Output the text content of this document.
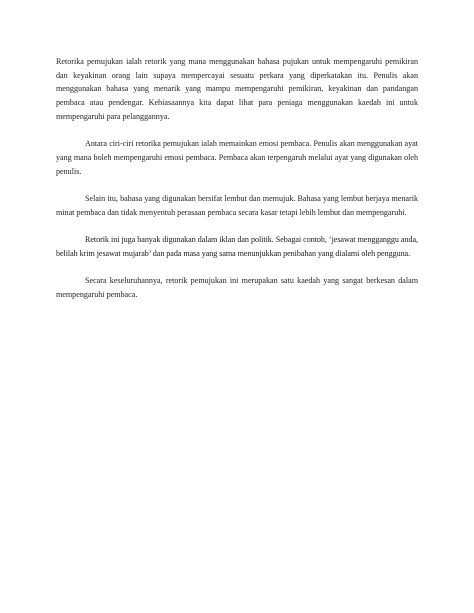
Retorika pemujukan ialah retorik yang mana menggunakan bahasa pujukan untuk mempengaruhi pemikiran dan keyakinan orang lain supaya mempercayai sesuatu perkara yang diperkatakan itu. Penulis akan menggunakan bahasa yang menarik yang mampu mempengaruhi pemikiran, keyakinan dan pandangan pembaca atau pendengar. Kebiasaannya kita dapat lihat para peniaga menggunakan kaedah ini untuk mempengaruhi para pelanggannya.

Antara ciri-ciri retorika pemujukan ialah memainkan emosi pembaca. Penulis akan menggunakan ayat yang mana boleh mempengaruhi emosi pembaca. Pembaca akan terpengaruh melalui ayat yang digunakan oleh penulis.

Selain itu, bahasa yang digunakan bersifat lembut dan memujuk. Bahasa yang lembut berjaya menarik minat pembaca dan tidak menyentuh perasaan pembaca secara kasar tetapi lebih lembut dan mempengaruhi.

Retorik ini juga banyak digunakan dalam iklan dan politik. Sebagai contoh, ‘jesawat mengganggu anda, belilah krim jesawat mujarab’ dan pada masa yang sama menunjukkan penibahan yang dialami oleh pengguna.

Secara keseluruhannya, retorik pemujukan ini merupakan satu kaedah yang sangat berkesan dalam mempengaruhi pembaca.
